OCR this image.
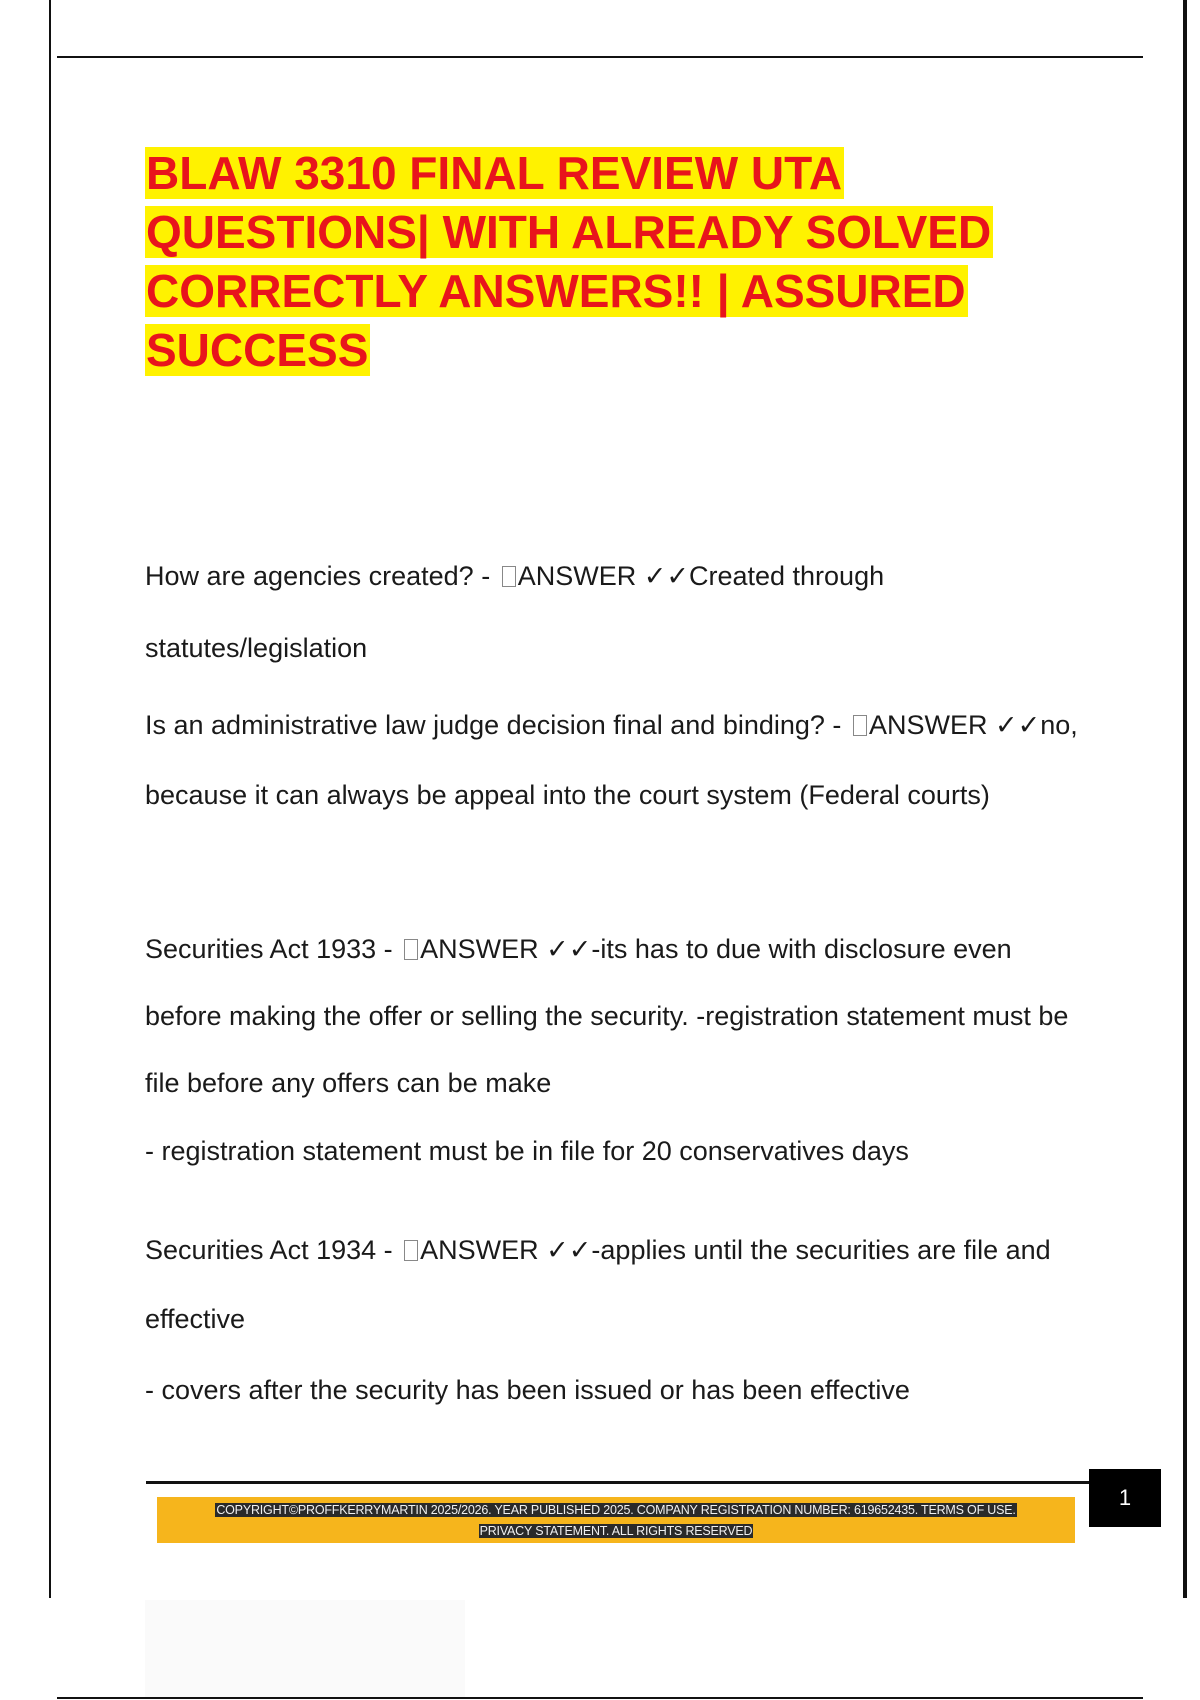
BLAW 3310 FINAL REVIEW UTA QUESTIONS| WITH ALREADY SOLVED CORRECTLY ANSWERS!! | ASSURED SUCCESS

How are agencies created? - ANSWER ✓✓Created through statutes/legislation

Is an administrative law judge decision final and binding? - ANSWER ✓✓no, because it can always be appeal into the court system (Federal courts)

Securities Act 1933 - ANSWER ✓✓-its has to due with disclosure even before making the offer or selling the security. -registration statement must be file before any offers can be make

- registration statement must be in file for 20 conservatives days

Securities Act 1934 - ANSWER ✓✓-applies until the securities are file and effective

- covers after the security has been issued or has been effective

COPYRIGHT©PROFFKERRYMARTIN 2025/2026. YEAR PUBLISHED 2025. COMPANY REGISTRATION NUMBER: 619652435. TERMS OF USE.
PRIVACY STATEMENT. ALL RIGHTS RESERVED
1
